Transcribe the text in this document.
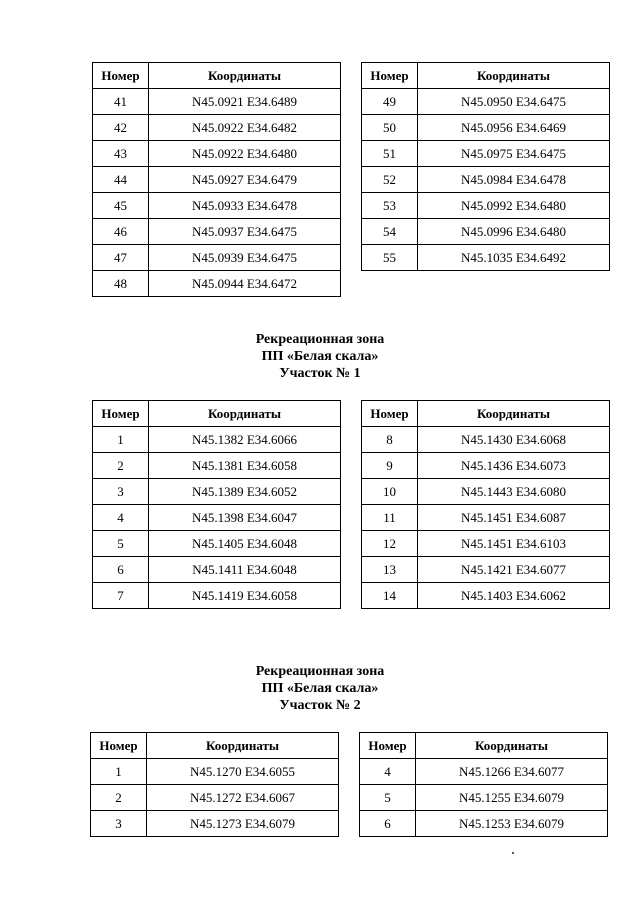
Номер	Координаты
41	N45.0921 E34.6489
42	N45.0922 E34.6482
43	N45.0922 E34.6480
44	N45.0927 E34.6479
45	N45.0933 E34.6478
46	N45.0937 E34.6475
47	N45.0939 E34.6475
48	N45.0944 E34.6472
Номер	Координаты
49	N45.0950 E34.6475
50	N45.0956 E34.6469
51	N45.0975 E34.6475
52	N45.0984 E34.6478
53	N45.0992 E34.6480
54	N45.0996 E34.6480
55	N45.1035 E34.6492
Рекреационная зона
ПП «Белая скала»
Участок № 1
Номер	Координаты
1	N45.1382 E34.6066
2	N45.1381 E34.6058
3	N45.1389 E34.6052
4	N45.1398 E34.6047
5	N45.1405 E34.6048
6	N45.1411 E34.6048
7	N45.1419 E34.6058
Номер	Координаты
8	N45.1430 E34.6068
9	N45.1436 E34.6073
10	N45.1443 E34.6080
11	N45.1451 E34.6087
12	N45.1451 E34.6103
13	N45.1421 E34.6077
14	N45.1403 E34.6062
Рекреационная зона
ПП «Белая скала»
Участок № 2
Номер	Координаты
1	N45.1270 E34.6055
2	N45.1272 E34.6067
3	N45.1273 E34.6079
Номер	Координаты
4	N45.1266 E34.6077
5	N45.1255 E34.6079
6	N45.1253 E34.6079
